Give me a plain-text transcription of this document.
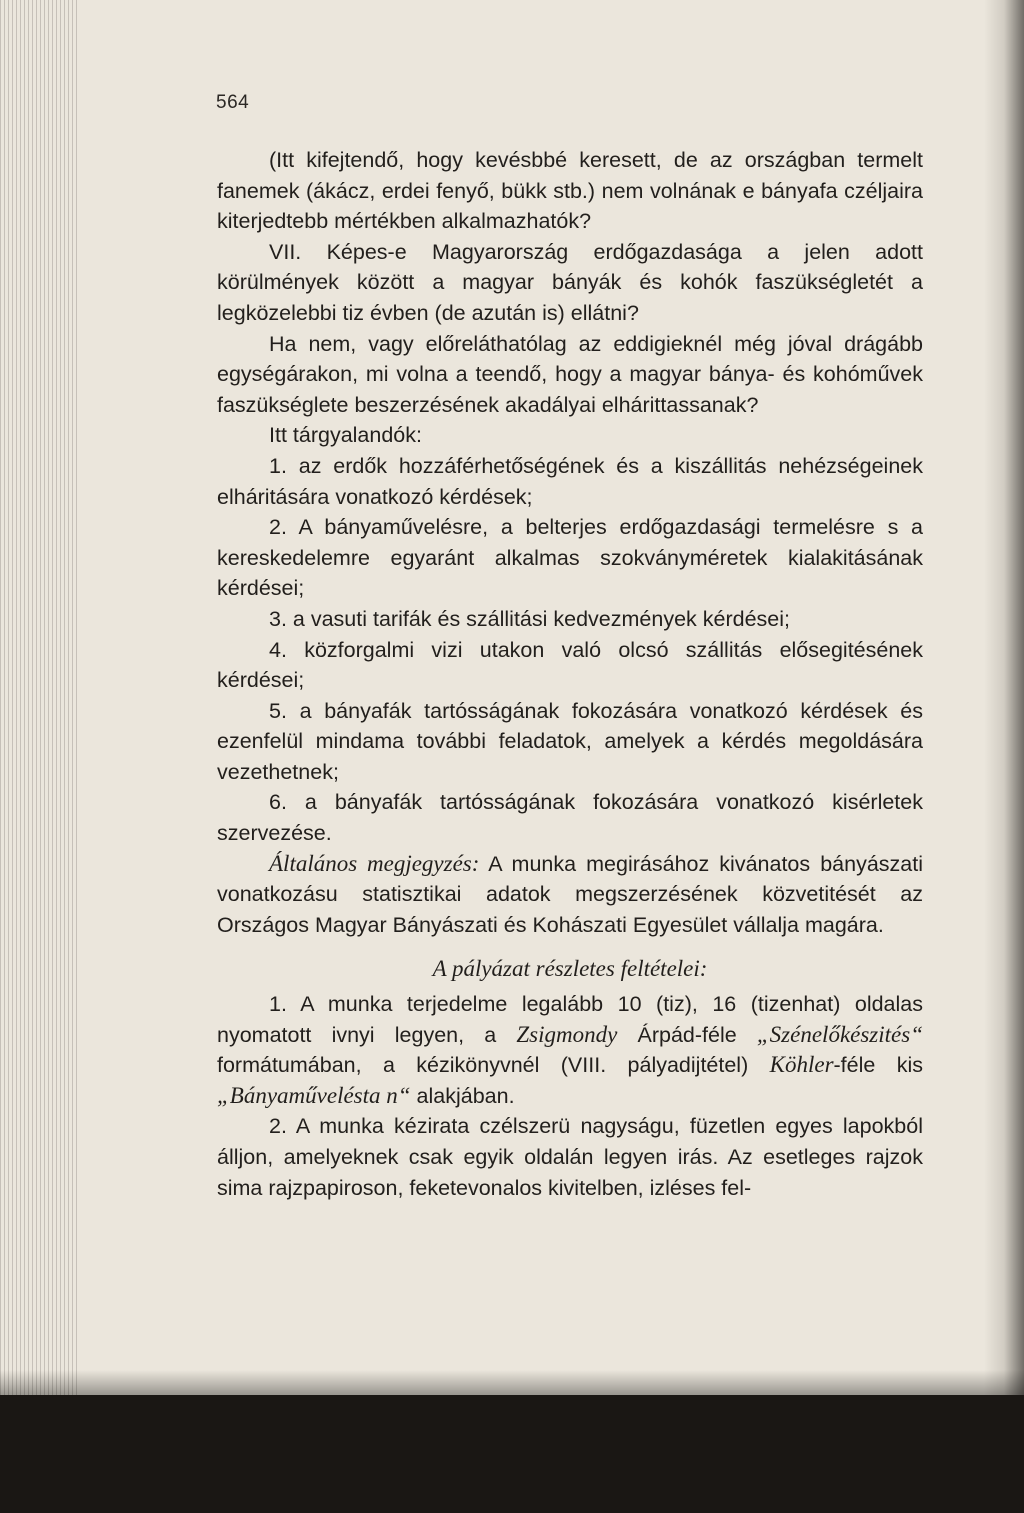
564

(Itt kifejtendő, hogy kevésbbé keresett, de az országban termelt fanemek (ákácz, erdei fenyő, bükk stb.) nem volnának e bányafa czéljaira kiterjedtebb mértékben alkalmazhatók?

VII. Képes-e Magyarország erdőgazdasága a jelen adott körülmények között a magyar bányák és kohók faszükségletét a legközelebbi tiz évben (de azután is) ellátni?

Ha nem, vagy előreláthatólag az eddigieknél még jóval drágább egységárakon, mi volna a teendő, hogy a magyar bánya- és kohóművek faszükséglete beszerzésének akadályai elhárittassanak?

Itt tárgyalandók:

1. az erdők hozzáférhetőségének és a kiszállitás nehézségeinek elháritására vonatkozó kérdések;

2. A bányaművelésre, a belterjes erdőgazdasági termelésre s a kereskedelemre egyaránt alkalmas szokványméretek kialakitásának kérdései;

3. a vasuti tarifák és szállitási kedvezmények kérdései;

4. közforgalmi vizi utakon való olcsó szállitás elősegitésének kérdései;

5. a bányafák tartósságának fokozására vonatkozó kérdések és ezenfelül mindama további feladatok, amelyek a kérdés megoldására vezethetnek;

6. a bányafák tartósságának fokozására vonatkozó kisérletek szervezése.

Általános megjegyzés: A munka megirásához kivánatos bányászati vonatkozásu statisztikai adatok megszerzésének közvetitését az Országos Magyar Bányászati és Kohászati Egyesület vállalja magára.

A pályázat részletes feltételei:

1. A munka terjedelme legalább 10 (tiz), 16 (tizenhat) oldalas nyomatott ivnyi legyen, a Zsigmondy Árpád-féle „Szénelőkészités“ formátumában, a kézikönyvnél (VIII. pályadijtétel) Köhler-féle kis „Bányaművelésta n“ alakjában.

2. A munka kézirata czélszerü nagyságu, füzetlen egyes lapokból álljon, amelyeknek csak egyik oldalán legyen irás. Az esetleges rajzok sima rajzpapiroson, feketevonalos kivitelben, izléses fel-
